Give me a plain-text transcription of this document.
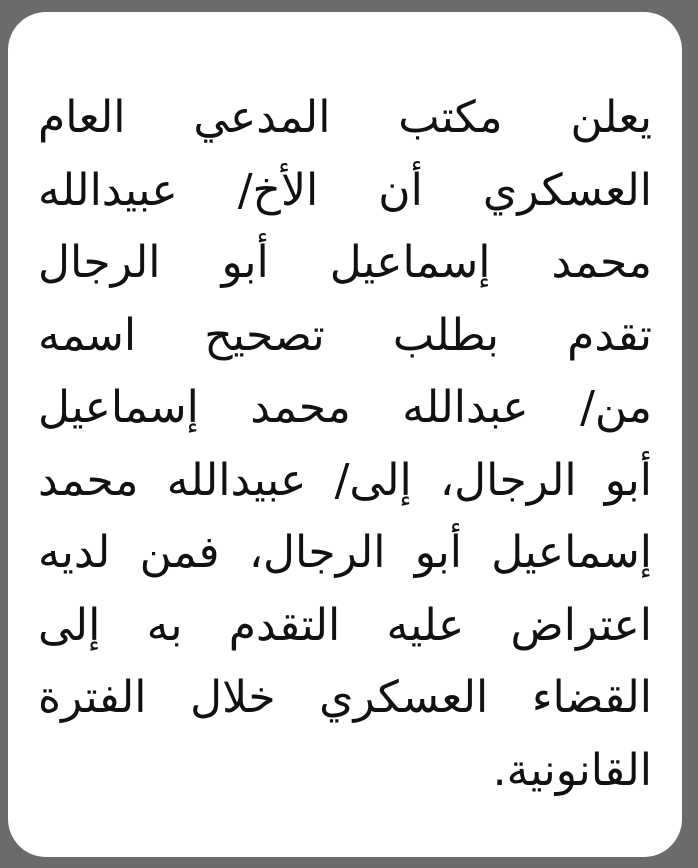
يعلن مكتب المدعي العام
العسكري أن الأخ/ عبيدالله
محمد إسماعيل أبو الرجال
تقدم بطلب تصحيح اسمه
من/ عبدالله محمد إسماعيل
أبو الرجال، إلى/ عبيدالله محمد
إسماعيل أبو الرجال، فمن لديه
اعتراض عليه التقدم به إلى
القضاء العسكري خلال الفترة
القانونية.
